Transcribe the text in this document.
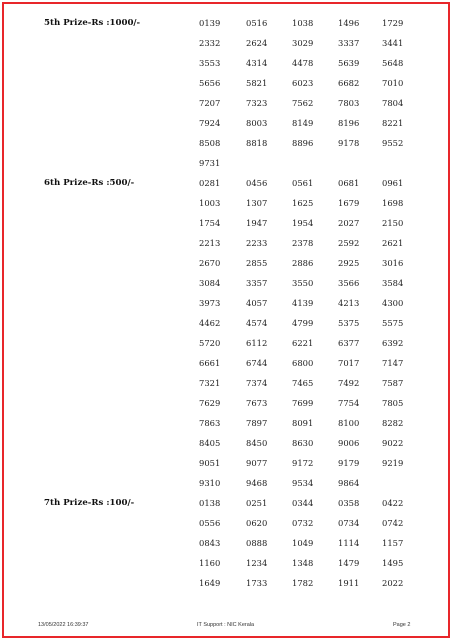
5th Prize-Rs :1000/-	0139	0516	1038	1496	1729
2332	2624	3029	3337	3441
3553	4314	4478	5639	5648
5656	5821	6023	6682	7010
7207	7323	7562	7803	7804
7924	8003	8149	8196	8221
8508	8818	8896	9178	9552
9731
6th Prize-Rs :500/-	0281	0456	0561	0681	0961
1003	1307	1625	1679	1698
1754	1947	1954	2027	2150
2213	2233	2378	2592	2621
2670	2855	2886	2925	3016
3084	3357	3550	3566	3584
3973	4057	4139	4213	4300
4462	4574	4799	5375	5575
5720	6112	6221	6377	6392
6661	6744	6800	7017	7147
7321	7374	7465	7492	7587
7629	7673	7699	7754	7805
7863	7897	8091	8100	8282
8405	8450	8630	9006	9022
9051	9077	9172	9179	9219
9310	9468	9534	9864
7th Prize-Rs :100/-	0138	0251	0344	0358	0422
0556	0620	0732	0734	0742
0843	0888	1049	1114	1157
1160	1234	1348	1479	1495
1649	1733	1782	1911	2022
13/05/2022 16:39:37	IT Support : NIC Kerala	Page 2
